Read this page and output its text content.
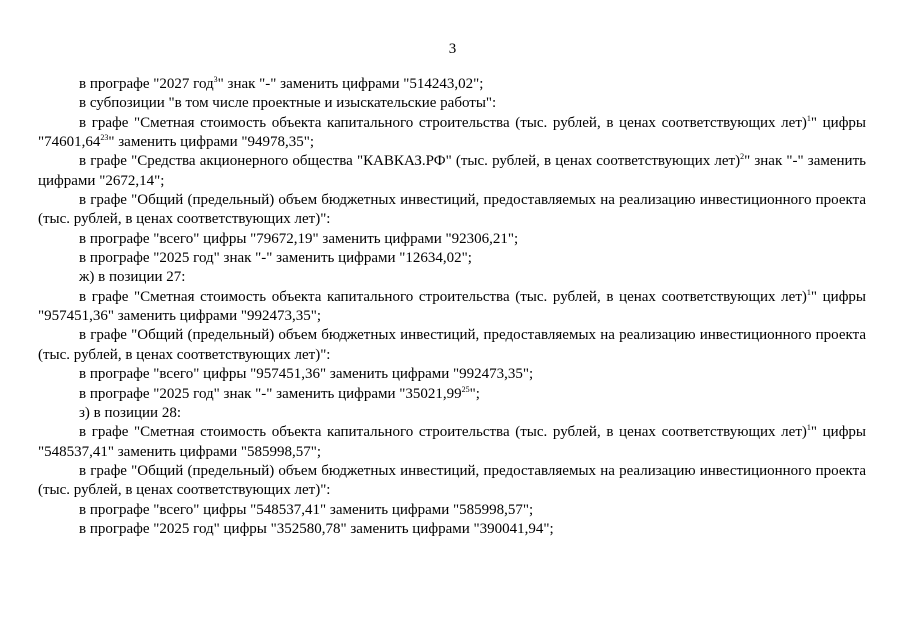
3

в прографе "2027 год$^3$" знак "-" заменить цифрами "514243,02";

в субпозиции "в том числе проектные и изыскательские работы":

в графе "Сметная стоимость объекта капитального строительства (тыс. рублей, в ценах соответствующих лет)$^1$" цифры "74601,64$^{23}$" заменить цифрами "94978,35";

в графе "Средства акционерного общества "КАВКАЗ.РФ" (тыс. рублей, в ценах соответствующих лет)$^2$" знак "-" заменить цифрами "2672,14";

в графе "Общий (предельный) объем бюджетных инвестиций, предоставляемых на реализацию инвестиционного проекта (тыс. рублей, в ценах соответствующих лет)":

в прографе "всего" цифры "79672,19" заменить цифрами "92306,21";

в прографе "2025 год" знак "-" заменить цифрами "12634,02";

ж) в позиции 27:

в графе "Сметная стоимость объекта капитального строительства (тыс. рублей, в ценах соответствующих лет)$^1$" цифры "957451,36" заменить цифрами "992473,35";

в графе "Общий (предельный) объем бюджетных инвестиций, предоставляемых на реализацию инвестиционного проекта (тыс. рублей, в ценах соответствующих лет)":

в прографе "всего" цифры "957451,36" заменить цифрами "992473,35";

в прографе "2025 год" знак "-" заменить цифрами "35021,99$^{25}$";

з) в позиции 28:

в графе "Сметная стоимость объекта капитального строительства (тыс. рублей, в ценах соответствующих лет)$^1$" цифры "548537,41" заменить цифрами "585998,57";

в графе "Общий (предельный) объем бюджетных инвестиций, предоставляемых на реализацию инвестиционного проекта (тыс. рублей, в ценах соответствующих лет)":

в прографе "всего" цифры "548537,41" заменить цифрами "585998,57";

в прографе "2025 год" цифры "352580,78" заменить цифрами "390041,94";
